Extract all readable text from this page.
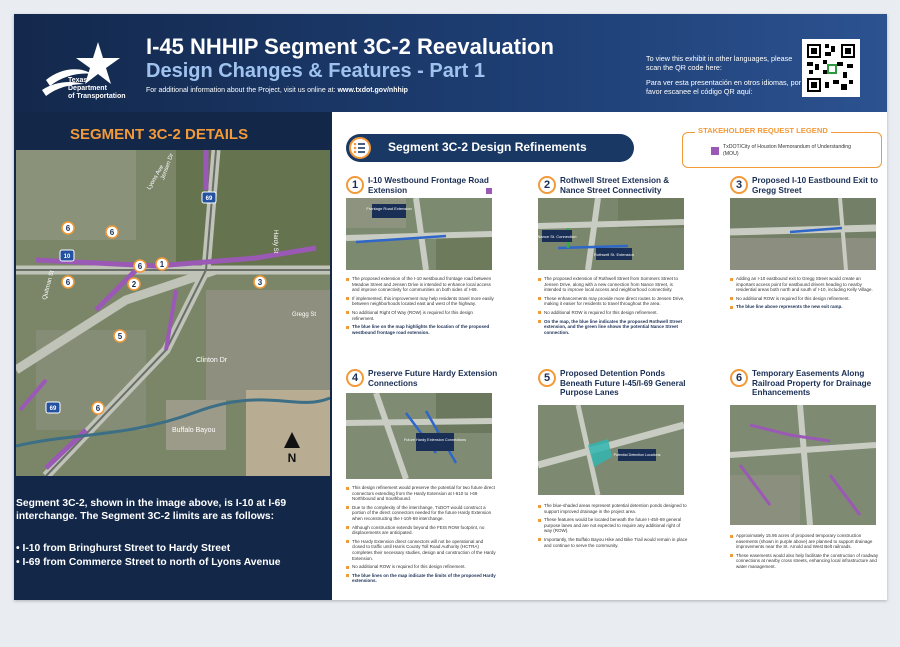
Texas
Department
of Transportation
I-45 NHHIP Segment 3C-2 Reevaluation
Design Changes & Features - Part 1
For additional information about the Project, visit us online at: www.txdot.gov/nhhip

To view this exhibit in other languages, please scan the QR code here:

Para ver esta presentación en otros idiomas, por favor escanee el código QR aquí:

SEGMENT 3C-2 DETAILS
Clinton Dr
Buffalo Bayou
Lyons Ave
Hardy St
Jensen Dr
Quitman St
Gregg St
6	6
6
6 1
2	3
5
6
10
69
69
N
Segment 3C-2, shown in the image above, is I-10 at I-69 interchange. The Segment 3C-2 limits are as follows:
• I-10 from Bringhurst Street to Hardy Street
• I-69 from Commerce Street to north of Lyons Avenue
Segment 3C-2 Design Refinements
STAKEHOLDER REQUEST LEGEND
TxDOT/City of Houston Memorandum of Understanding (MOU)
1	I-10 Westbound Frontage Road Extension
Frontage Road Extension
The proposed extension of the I-10 westbound frontage road between Meadow Street and Jensen Drive is intended to enhance local access and improve connectivity for communities on both sides of I-69.
If implemented, this improvement may help residents travel more easily between neighborhoods located east and west of the highway.
No additional Right Of Way (ROW) is required for this design refinement.
The blue line on the map highlights the location of the proposed westbound frontage road extension.
2	Rothwell Street Extension & Nance Street Connectivity
Nance St. Connection
Rothwell St. Extension
The proposed extension of Rothwell Street from Sommers Street to Jensen Drive, along with a new connection from Nance Street, is intended to improve local access and neighborhood connectivity.
These enhancements may provide more direct routes to Jensen Drive, making it easier for residents to travel throughout the area.
No additional ROW is required for this design refinement.
On the map, the blue line indicates the proposed Rothwell Street extension, and the green line shows the potential Nance Street connection.
3	Proposed I-10 Eastbound Exit to Gregg Street
Adding an I-10 eastbound exit to Gregg Street would create an important access point for eastbound drivers heading to nearby residential areas both north and south of I-10, including Kelly Village.
No additional ROW is required for this design refinement.
The blue line above represents the new exit ramp.
4	Preserve Future Hardy Extension Connections
Future Hardy Extension Connections
This design refinement would preserve the potential for two future direct connectors extending from the Hardy Extension at I-610 to I-69 Northbound and Southbound.
Due to the complexity of the interchange, TxDOT would construct a portion of the direct connectors needed for the future Hardy Extension when reconstructing the I-10/I-69 interchange.
Although construction extends beyond the FEIS ROW footprint, no displacements are anticipated.
The Hardy Extension direct connectors will not be operational and closed to traffic until Harris County Toll Road Authority (HCTRA) completes their necessary studies, design and construction of the Hardy Extension.
No additional ROW is required for this design refinement.
The blue lines on the map indicate the limits of the proposed Hardy extensions.
5	Proposed Detention Ponds Beneath Future I-45/I-69 General Purpose Lanes
Potential Detention Locations
The blue-shaded areas represent potential detention ponds designed to support improved drainage in the project area.
These features would be located beneath the future I-45/I-69 general purpose lanes and are not expected to require any additional right of way (ROW).
Importantly, the Buffalo Bayou Hike and Bike Trail would remain in place and continue to serve the community.
6	Temporary Easements Along Railroad Property for Drainage Enhancements
Approximately 15.95 acres of proposed temporary construction easements (shown in purple above) are planned to support drainage improvements near the St. Arnold and West Belt railroads.
These easements would also help facilitate the construction of roadway connections at nearby cross streets, enhancing local infrastructure and water management.
